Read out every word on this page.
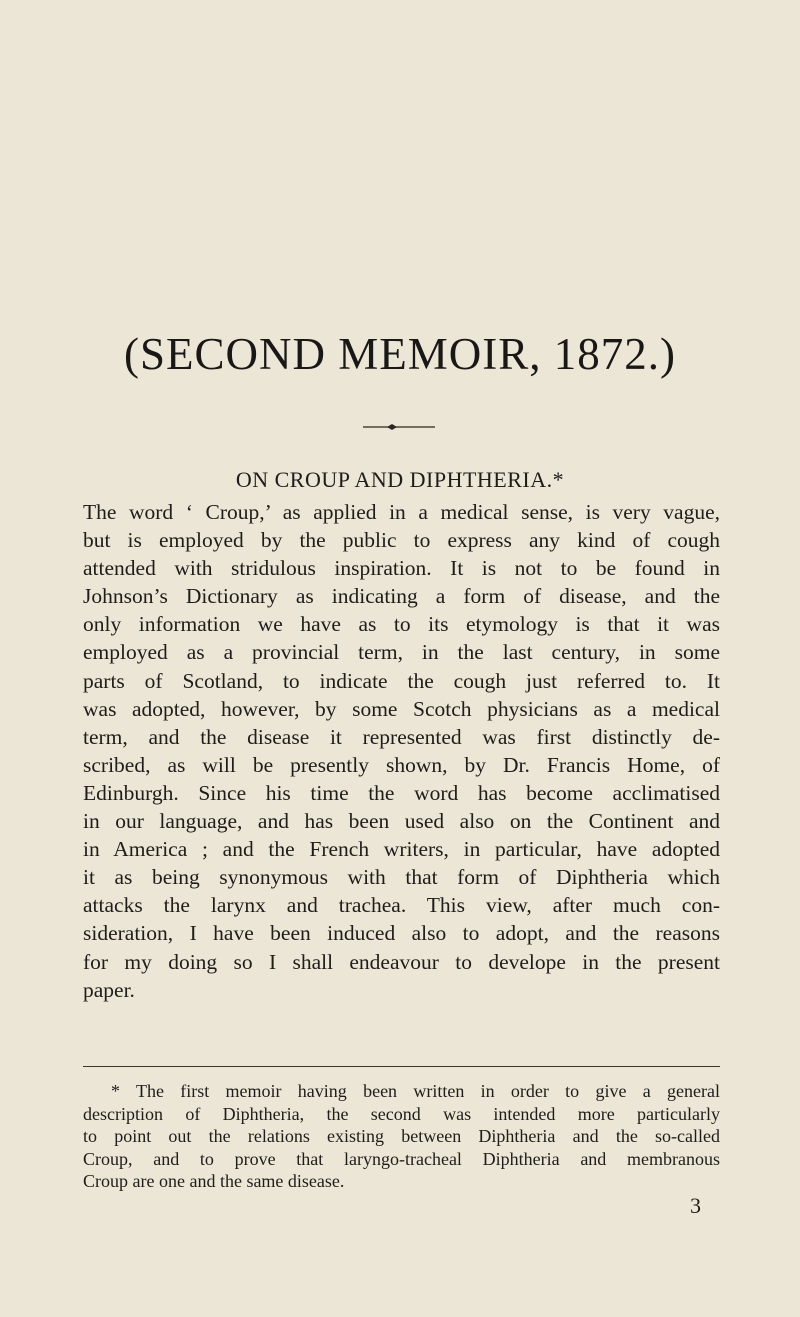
(SECOND MEMOIR, 1872.)
ON CROUP AND DIPHTHERIA.*
The word ‘ Croup,’ as applied in a medical sense, is very vague,
but is employed by the public to express any kind of cough
attended with stridulous inspiration. It is not to be found in
Johnson’s Dictionary as indicating a form of disease, and the
only information we have as to its etymology is that it was
employed as a provincial term, in the last century, in some
parts of Scotland, to indicate the cough just referred to. It
was adopted, however, by some Scotch physicians as a medical
term, and the disease it represented was first distinctly de-
scribed, as will be presently shown, by Dr. Francis Home, of
Edinburgh. Since his time the word has become acclimatised
in our language, and has been used also on the Continent and
in America ; and the French writers, in particular, have adopted
it as being synonymous with that form of Diphtheria which
attacks the larynx and trachea. This view, after much con-
sideration, I have been induced also to adopt, and the reasons
for my doing so I shall endeavour to develope in the present
paper.
* The first memoir having been written in order to give a general
description of Diphtheria, the second was intended more particularly
to point out the relations existing between Diphtheria and the so-called
Croup, and to prove that laryngo-tracheal Diphtheria and membranous
Croup are one and the same disease.
3
